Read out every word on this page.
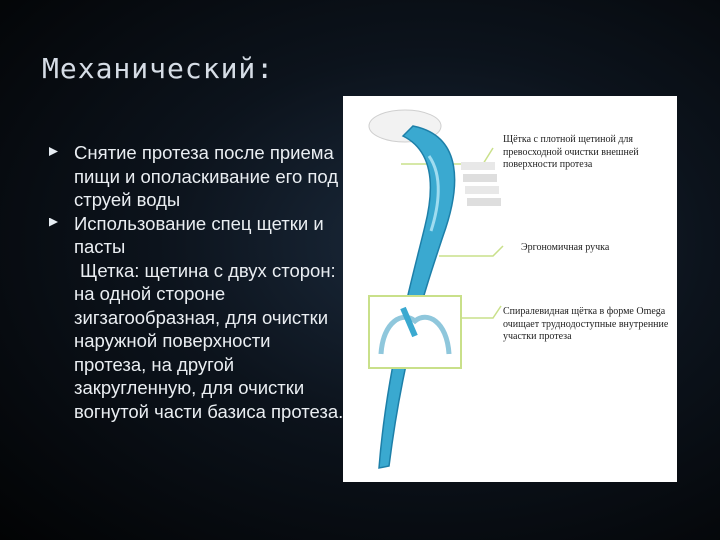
Механический:
Снятие протеза после приема пищи и ополаскивание его под струей воды
Использование спец щетки и пасты
Щетка: щетина с двух сторон: на одной стороне зигзагообразная, для очистки наружной поверхности протеза, на другой закругленную, для очистки вогнутой части базиса протеза.
Щётка с плотной щетиной для превосходной очистки внешней поверхности протеза
Эргономичная ручка
Спиралевидная щётка в форме Omega очищает труднодоступные внутренние участки протеза
